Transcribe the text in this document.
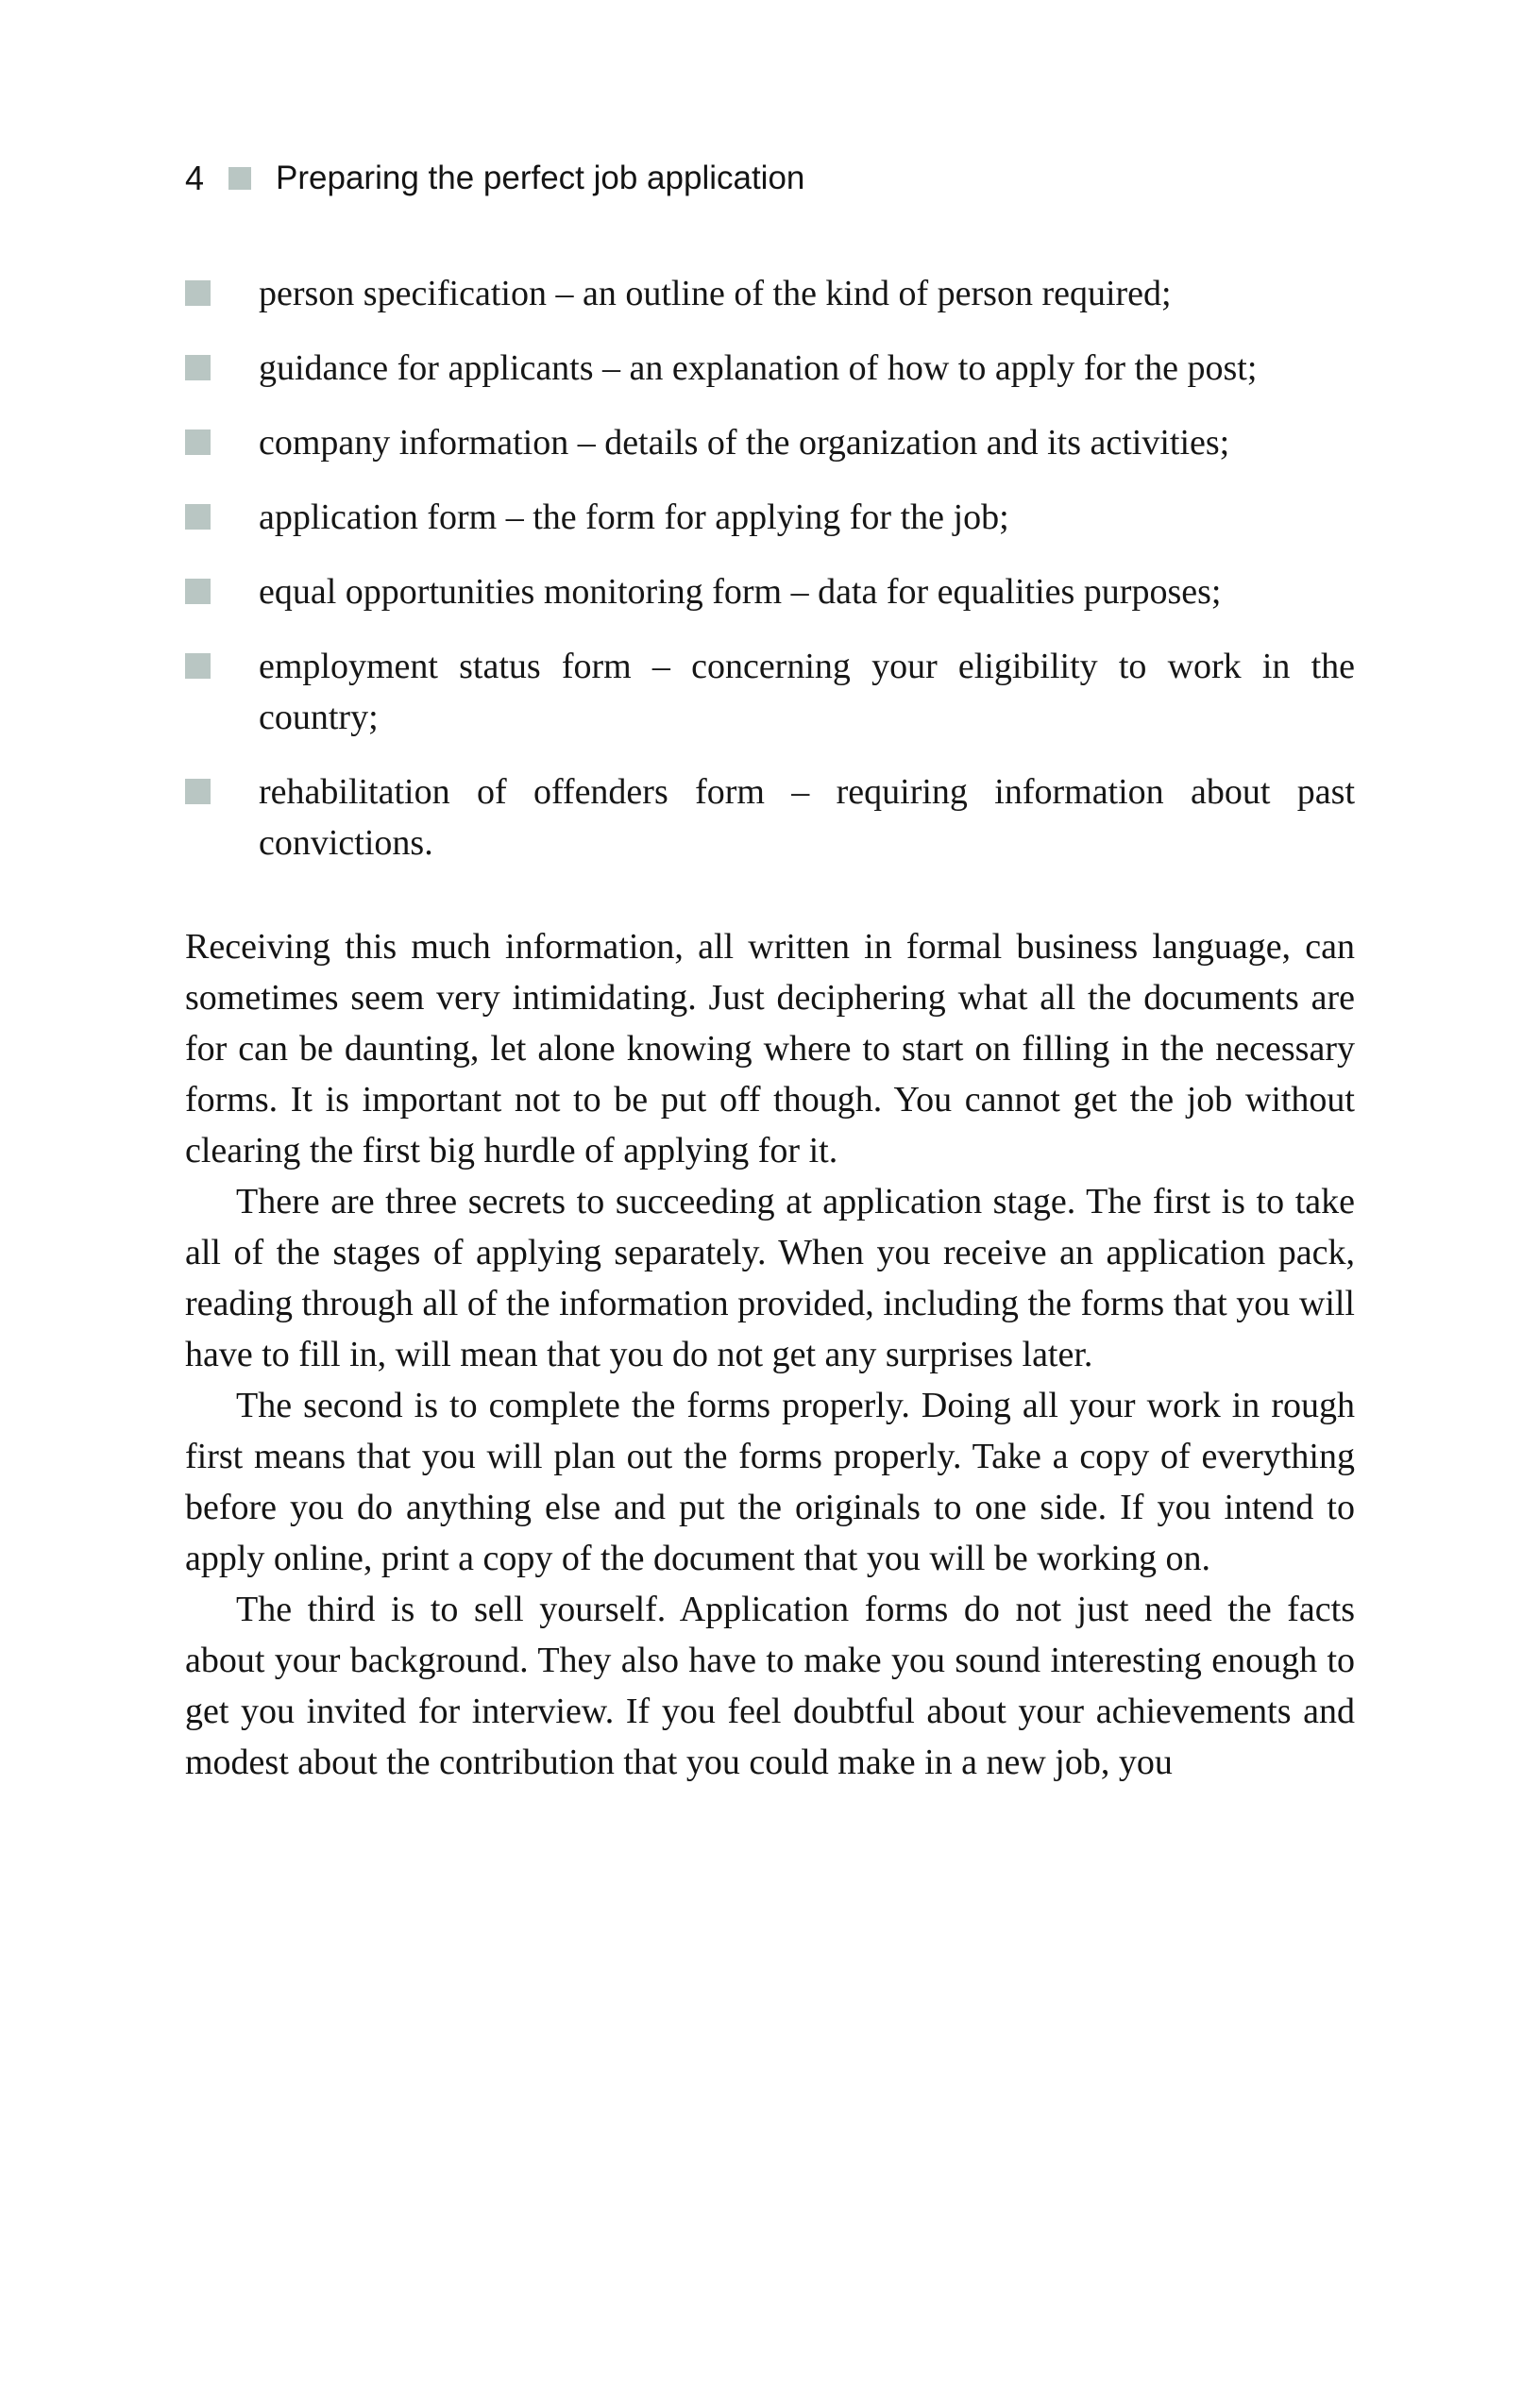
4 Preparing the perfect job application
person specification – an outline of the kind of person required;
guidance for applicants – an explanation of how to apply for the post;
company information – details of the organization and its activities;
application form – the form for applying for the job;
equal opportunities monitoring form – data for equalities purposes;
employment status form – concerning your eligibility to work in the country;
rehabilitation of offenders form – requiring information about past convictions.

Receiving this much information, all written in formal business language, can sometimes seem very intimidating. Just deciphering what all the documents are for can be daunting, let alone knowing where to start on filling in the necessary forms. It is important not to be put off though. You cannot get the job without clearing the first big hurdle of applying for it.

There are three secrets to succeeding at application stage. The first is to take all of the stages of applying separately. When you receive an application pack, reading through all of the information provided, including the forms that you will have to fill in, will mean that you do not get any surprises later.

The second is to complete the forms properly. Doing all your work in rough first means that you will plan out the forms properly. Take a copy of everything before you do anything else and put the originals to one side. If you intend to apply online, print a copy of the document that you will be working on.

The third is to sell yourself. Application forms do not just need the facts about your background. They also have to make you sound interesting enough to get you invited for interview. If you feel doubtful about your achievements and modest about the contribution that you could make in a new job, you
